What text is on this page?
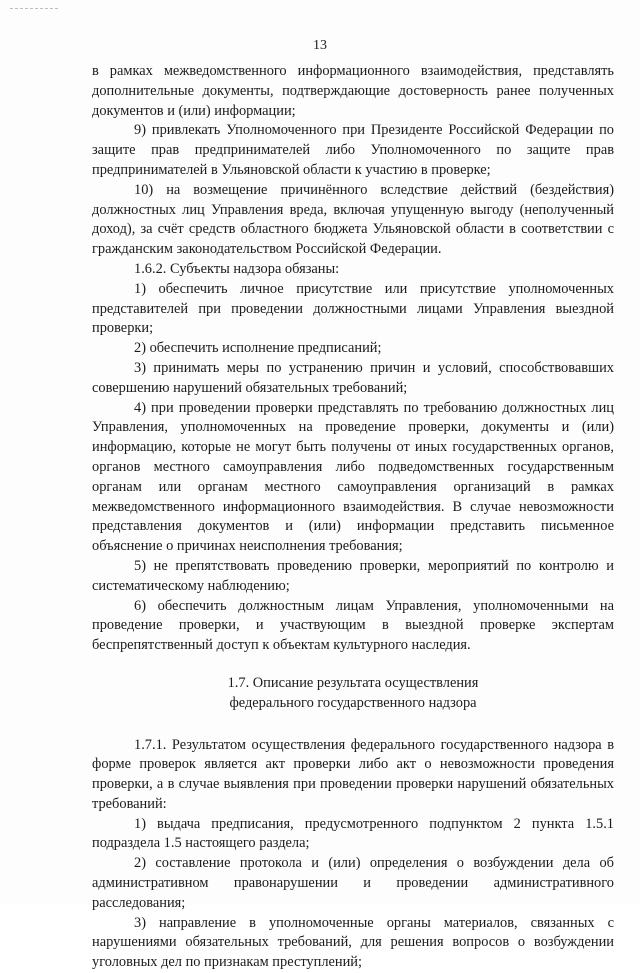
13

в рамках межведомственного информационного взаимодействия, представлять дополнительные документы, подтверждающие достоверность ранее полученных документов и (или) информации;

9) привлекать Уполномоченного при Президенте Российской Федерации по защите прав предпринимателей либо Уполномоченного по защите прав предпринимателей в Ульяновской области к участию в проверке;

10) на возмещение причинённого вследствие действий (бездействия) должностных лиц Управления вреда, включая упущенную выгоду (неполученный доход), за счёт средств областного бюджета Ульяновской области в соответствии с гражданским законодательством Российской Федерации.

1.6.2. Субъекты надзора обязаны:

1) обеспечить личное присутствие или присутствие уполномоченных представителей при проведении должностными лицами Управления выездной проверки;

2) обеспечить исполнение предписаний;

3) принимать меры по устранению причин и условий, способствовавших совершению нарушений обязательных требований;

4) при проведении проверки представлять по требованию должностных лиц Управления, уполномоченных на проведение проверки, документы и (или) информацию, которые не могут быть получены от иных государственных органов, органов местного самоуправления либо подведомственных государственным органам или органам местного самоуправления организаций в рамках межведомственного информационного взаимодействия. В случае невозможности представления документов и (или) информации представить письменное объяснение о причинах неисполнения требования;

5) не препятствовать проведению проверки, мероприятий по контролю и систематическому наблюдению;

6) обеспечить должностным лицам Управления, уполномоченными на проведение проверки, и участвующим в выездной проверке экспертам беспрепятственный доступ к объектам культурного наследия.

1.7. Описание результата осуществления
федерального государственного надзора

1.7.1. Результатом осуществления федерального государственного надзора в форме проверок является акт проверки либо акт о невозможности проведения проверки, а в случае выявления при проведении проверки нарушений обязательных требований:

1) выдача предписания, предусмотренного подпунктом 2 пункта 1.5.1 подраздела 1.5 настоящего раздела;

2) составление протокола и (или) определения о возбуждении дела об административном правонарушении и проведении административного расследования;

3) направление в уполномоченные органы материалов, связанных с нарушениями обязательных требований, для решения вопросов о возбуждении уголовных дел по признакам преступлений;
